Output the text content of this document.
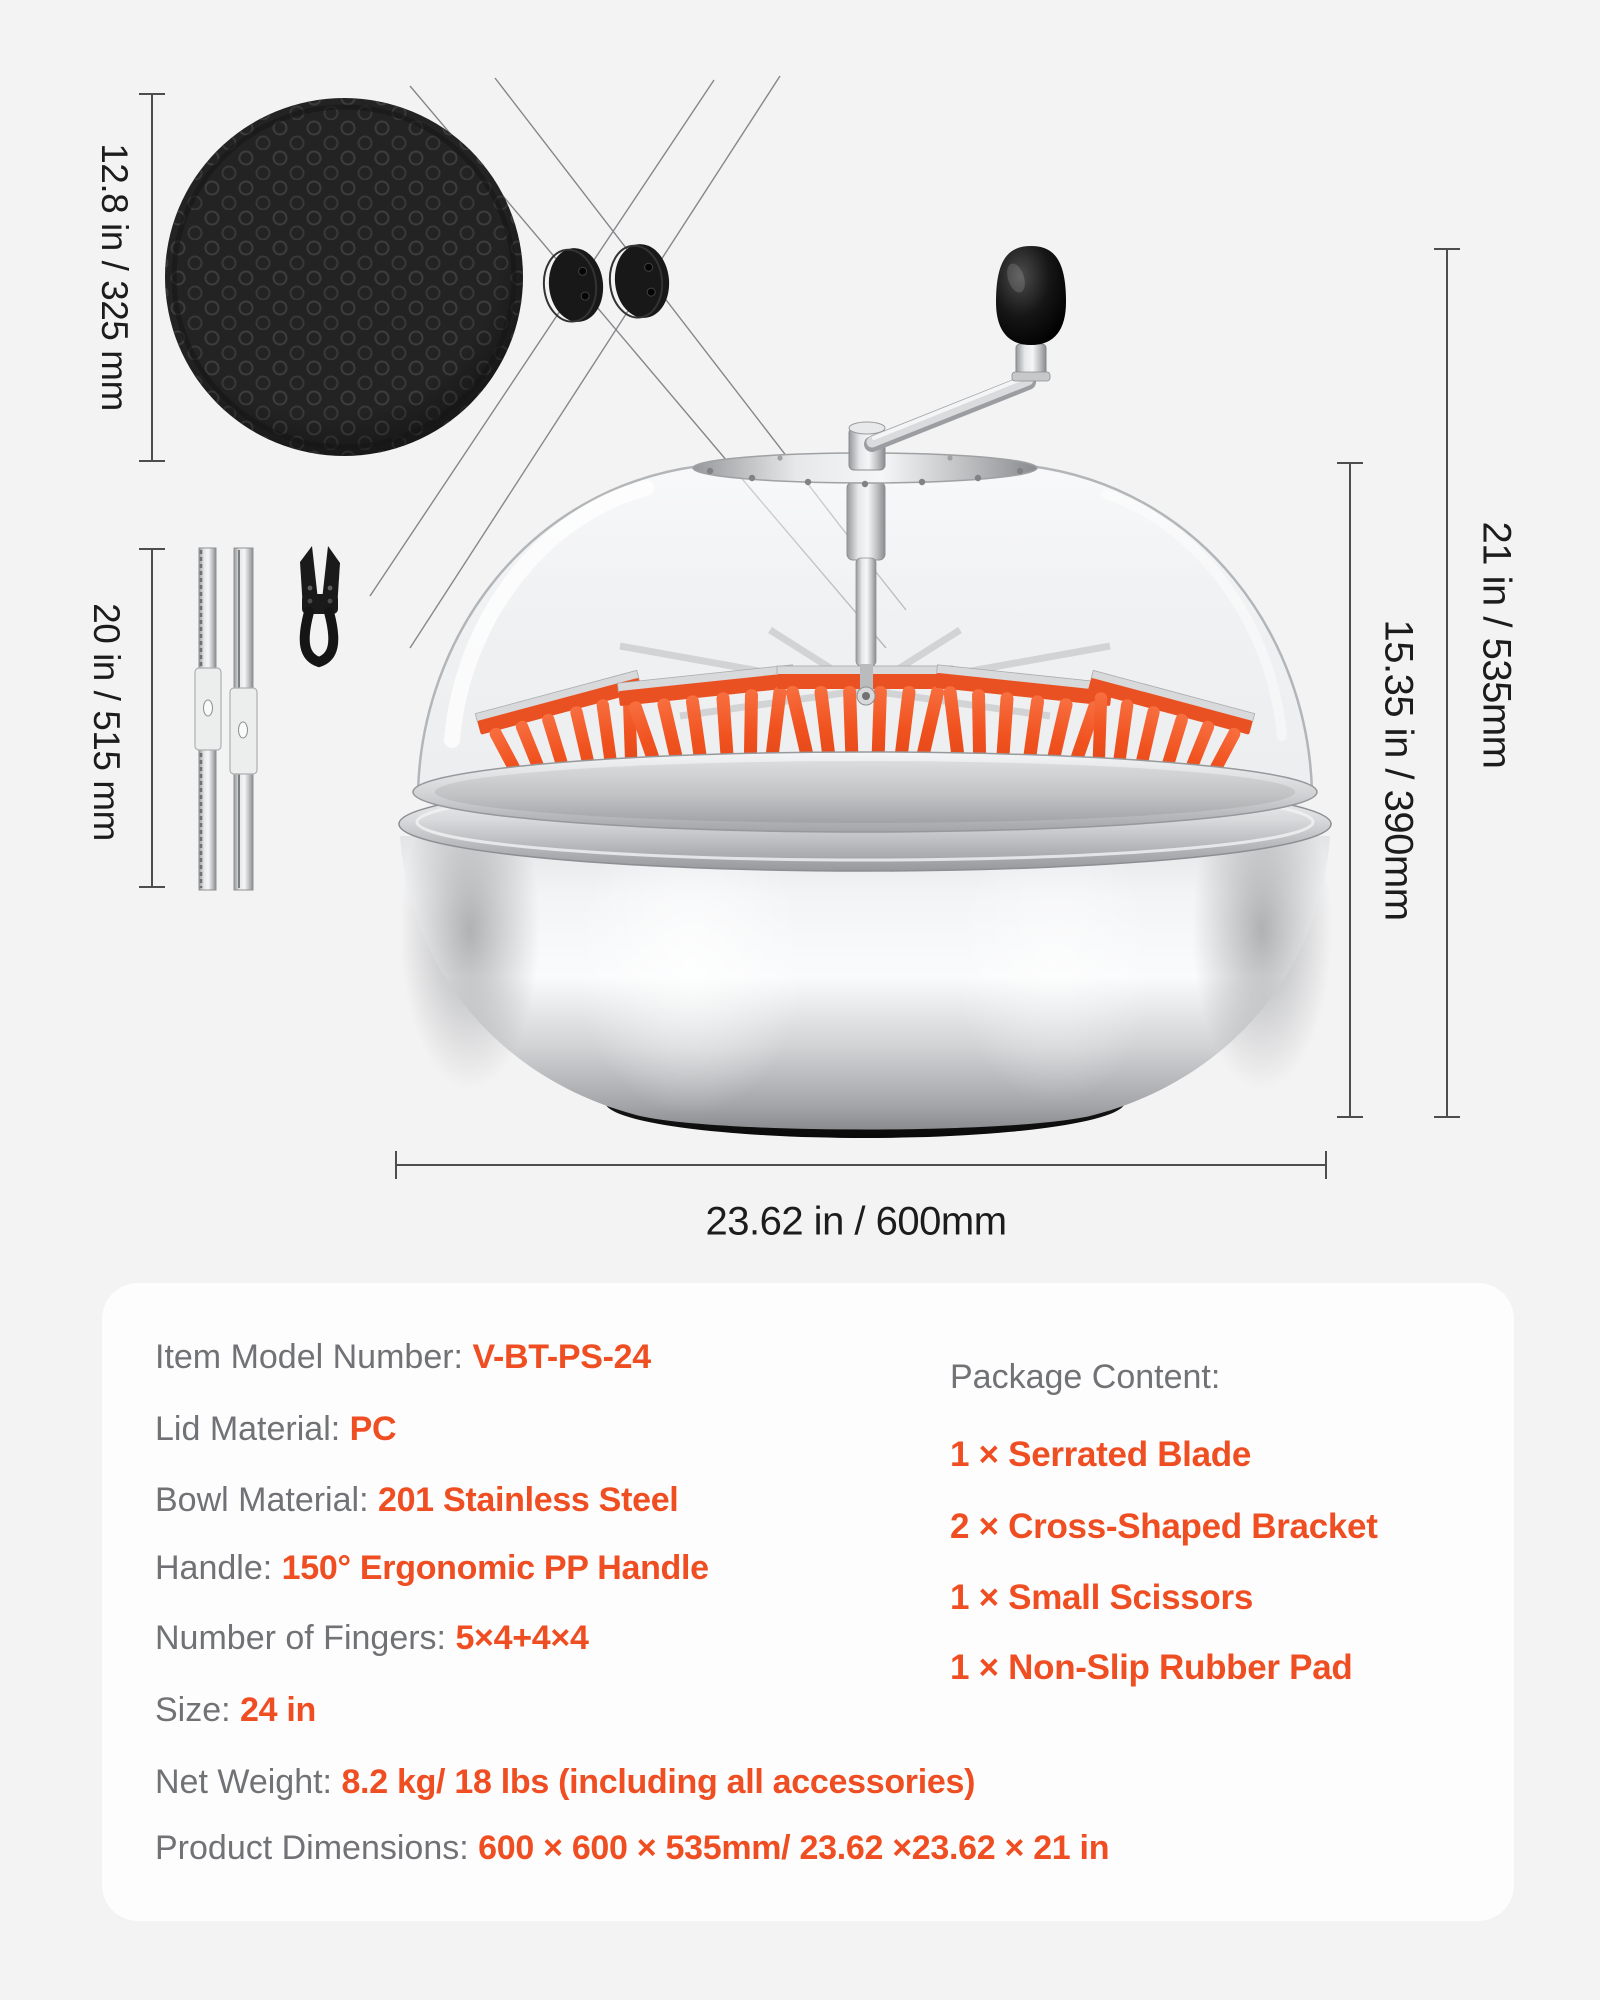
12.8 in / 325 mm
20 in / 515 mm	15.35 in / 390mm 21 in / 535mm
23.62 in / 600mm
Item Model Number: V-BT-PS-24
Lid Material: PC
Bowl Material: 201 Stainless Steel
Handle: 150° Ergonomic PP Handle
Number of Fingers: 5×4+4×4
Size: 24 in
Net Weight: 8.2 kg/ 18 lbs (including all accessories)
Product Dimensions: 600 × 600 × 535mm/ 23.62 ×23.62 × 21 in
Package Content:
1 × Serrated Blade
2 × Cross-Shaped Bracket
1 × Small Scissors
1 × Non-Slip Rubber Pad
